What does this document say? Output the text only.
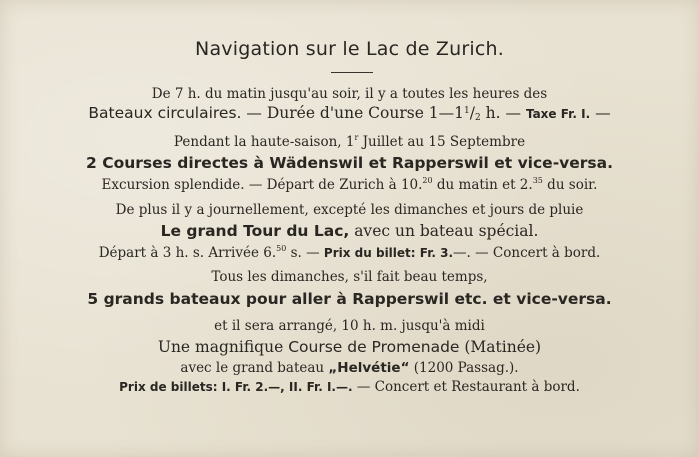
Navigation sur le Lac de Zurich.
De 7 h. du matin jusqu'au soir, il y a toutes les heures des
Bateaux circulaires. — Durée d'une Course $1—1^1/_2$ h. — Taxe Fr. I. —
Pendant la haute-saison, 1$^r$ Juillet au 15 Septembre
2 Courses directes à Wädenswil et Rapperswil et vice-versa.
Excursion splendide. — Départ de Zurich à 10.20 du matin et 2.35 du soir.
De plus il y a journellement, excepté les dimanches et jours de pluie
Le grand Tour du Lac, avec un bateau spécial.
Départ à 3 h. s. Arrivée 6.50 s. — Prix du billet: Fr. 3.—. — Concert à bord.
Tous les dimanches, s'il fait beau temps,
5 grands bateaux pour aller à Rapperswil etc. et vice-versa.
et il sera arrangé, 10 h. m. jusqu'à midi
Une magnifique Course de Promenade (Matinée)
avec le grand bateau „Helvétie“ (1200 Passag.).
Prix de billets: I. Fr. 2.—, II. Fr. I.—. — Concert et Restaurant à bord.
